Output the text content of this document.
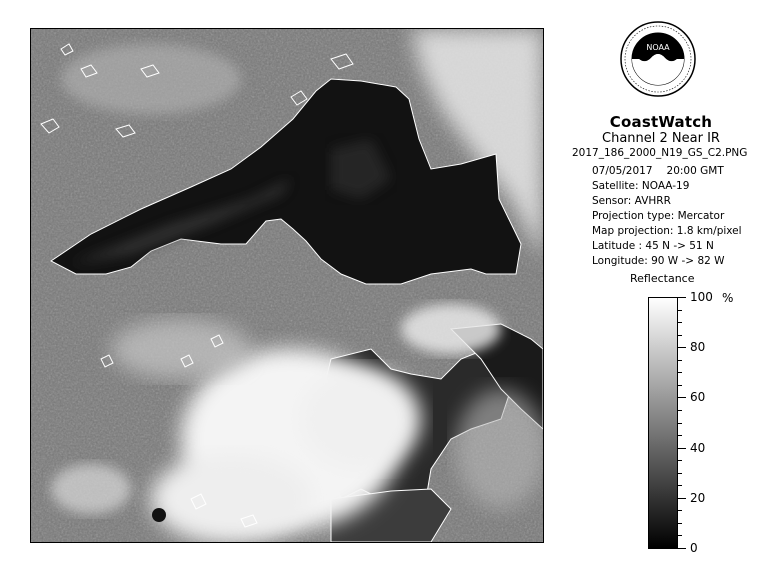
NOAA
CoastWatch
Channel 2 Near IR
2017_186_2000_N19_GS_C2.PNG
07/05/2017 20:00 GMT
Satellite: NOAA-19
Sensor: AVHRR
Projection type: Mercator
Map projection: 1.8 km/pixel
Latitude : 45 N -> 51 N
Longitude: 90 W -> 82 W
Reflectance
100
80
60
40
20
0
%
